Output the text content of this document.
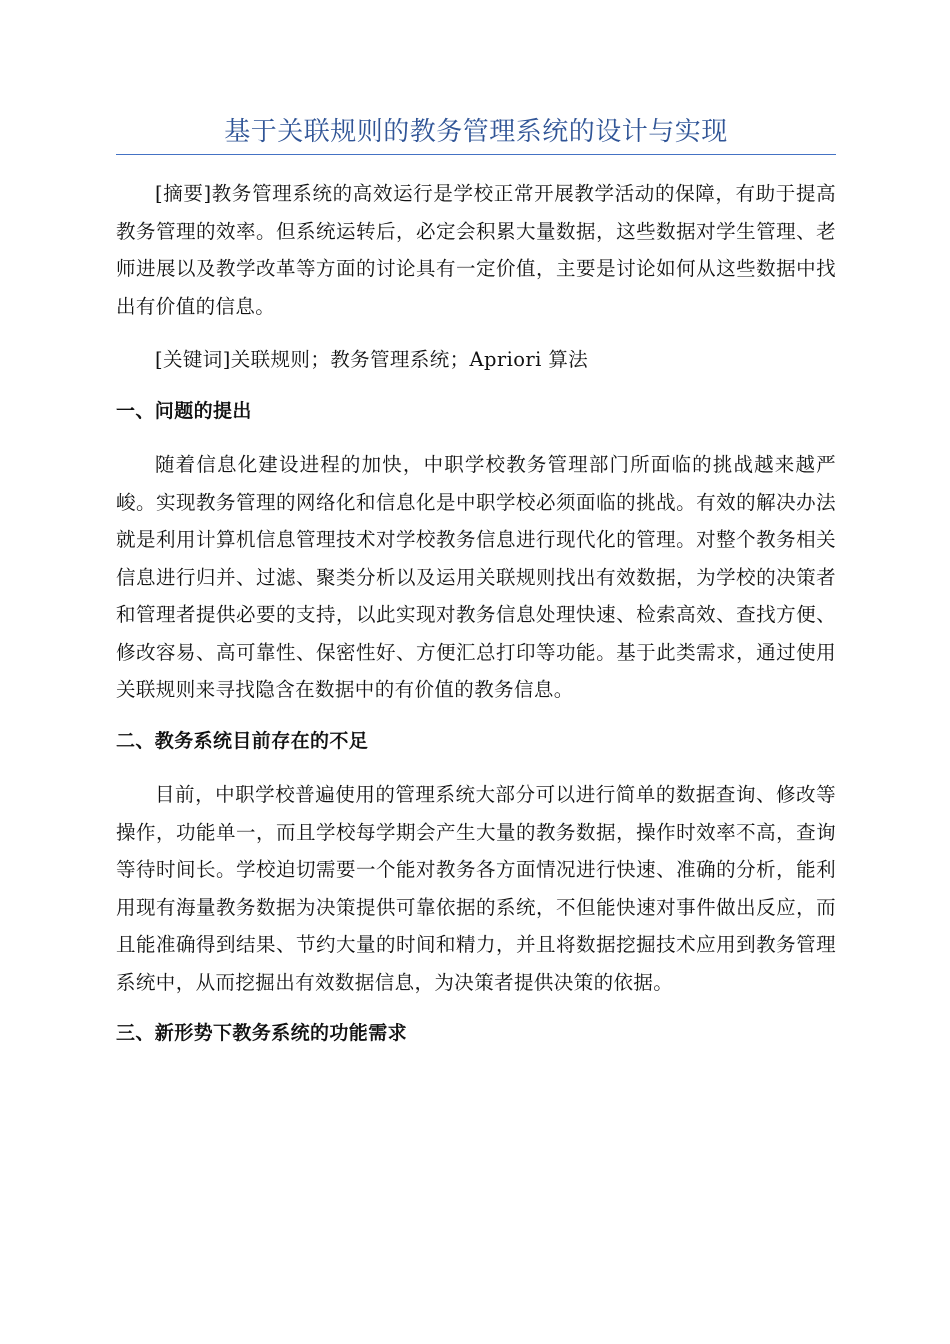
基于关联规则的教务管理系统的设计与实现

[摘要]教务管理系统的高效运行是学校正常开展教学活动的保障，有助于提高教务管理的效率。但系统运转后，必定会积累大量数据，这些数据对学生管理、老师进展以及教学改革等方面的讨论具有一定价值，主要是讨论如何从这些数据中找出有价值的信息。

[关键词]关联规则；教务管理系统；Apriori 算法

一、问题的提出

随着信息化建设进程的加快，中职学校教务管理部门所面临的挑战越来越严峻。实现教务管理的网络化和信息化是中职学校必须面临的挑战。有效的解决办法就是利用计算机信息管理技术对学校教务信息进行现代化的管理。对整个教务相关信息进行归并、过滤、聚类分析以及运用关联规则找出有效数据，为学校的决策者和管理者提供必要的支持，以此实现对教务信息处理快速、检索高效、查找方便、修改容易、高可靠性、保密性好、方便汇总打印等功能。基于此类需求，通过使用关联规则来寻找隐含在数据中的有价值的教务信息。

二、教务系统目前存在的不足

目前，中职学校普遍使用的管理系统大部分可以进行简单的数据查询、修改等操作，功能单一，而且学校每学期会产生大量的教务数据，操作时效率不高，查询等待时间长。学校迫切需要一个能对教务各方面情况进行快速、准确的分析，能利用现有海量教务数据为决策提供可靠依据的系统，不但能快速对事件做出反应，而且能准确得到结果、节约大量的时间和精力，并且将数据挖掘技术应用到教务管理系统中，从而挖掘出有效数据信息，为决策者提供决策的依据。

三、新形势下教务系统的功能需求
